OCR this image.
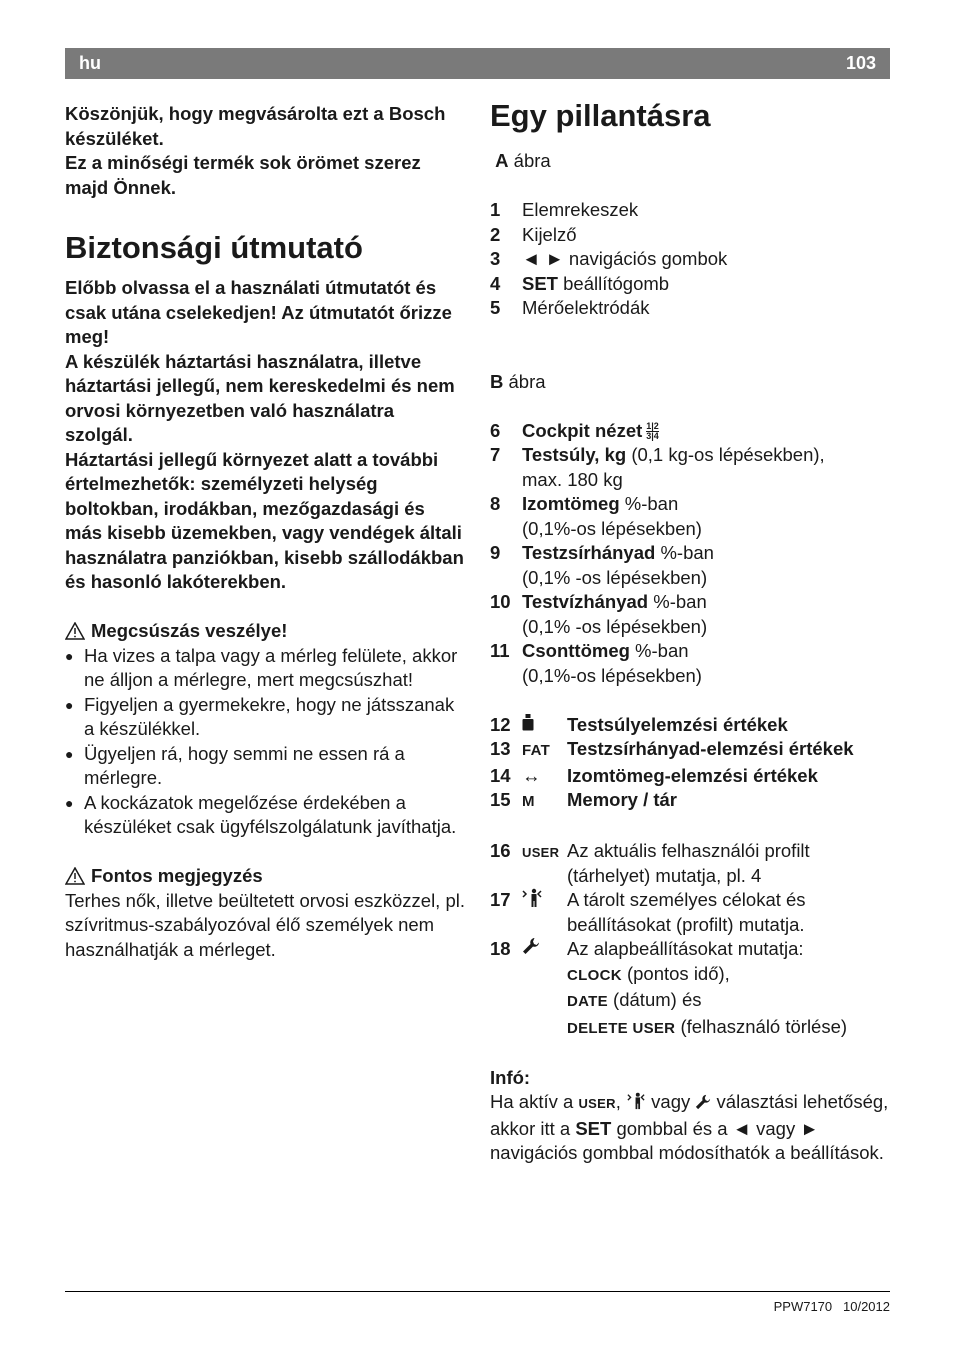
hu	103

Köszönjük, hogy megvásárolta ezt a Bosch készüléket.

Ez a minőségi termék sok örömet szerez majd Önnek.

Biztonsági útmutató

Előbb olvassa el a használati útmutatót és csak utána cselekedjen! Az útmutatót őrizze meg!

A készülék háztartási használatra, illetve háztartási jellegű, nem kereskedelmi és nem orvosi környezetben való használatra szolgál.

Háztartási jellegű környezet alatt a további értelmezhetők: személyzeti helység boltokban, irodákban, mezőgazdasági és más kisebb üzemekben, vagy vendégek általi használatra panziókban, kisebb szállodákban és hasonló lakóterekben.

Megcsúszás veszélye!
● Ha vizes a talpa vagy a mérleg felülete, akkor ne álljon a mérlegre, mert megcsúszhat!
● Figyeljen a gyermekekre, hogy ne játsszanak a készülékkel.
● Ügyeljen rá, hogy semmi ne essen rá a mérlegre.
● A kockázatok megelőzése érdekében a készüléket csak ügyfélszolgálatunk javíthatja.
Fontos megjegyzés

Terhes nők, illetve beültetett orvosi eszközzel, pl. szívritmus-szabályozóval élő személyek nem használhatják a mérleget.

Egy pillantásra

A ábra

1	Elemrekeszek
2	Kijelző
3	◄ ► navigációs gombok
4	SET beállítógomb
5	Mérőelektródák

B ábra

6	Cockpit nézet $\frac{1|2}{3|4}$
7	Testsúly, kg (0,1 kg-os lépésekben),
max. 180 kg
8	Izomtömeg %-ban
(0,1%-os lépésekben)
9	Testzsírhányad %-ban
(0,1% -os lépésekben)
10 Testvízhányad %-ban
(0,1% -os lépésekben)
11 Csonttömeg %-ban
(0,1%-os lépésekben)
12	Testsúlyelemzési értékek
13 FAT Testzsírhányad-elemzési értékek
14 ↔	Izomtömeg-elemzési értékek
15 M	Memory / tár
16 USER Az aktuális felhasználói profilt (tárhelyet) mutatja, pl. 4
17	A tárolt személyes célokat és beállításokat (profilt) mutatja.
18	Az alapbeállításokat mutatja:
CLOCK (pontos idő),
DATE (dátum) és
DELETE USER (felhasználó törlése)

Infó:

Ha aktív a USER,  vagy  választási lehetőség, akkor itt a SET gombbal és a ◄ vagy ► navigációs gombbal módosíthatók a beállítások.

PPW7170 10/2012
